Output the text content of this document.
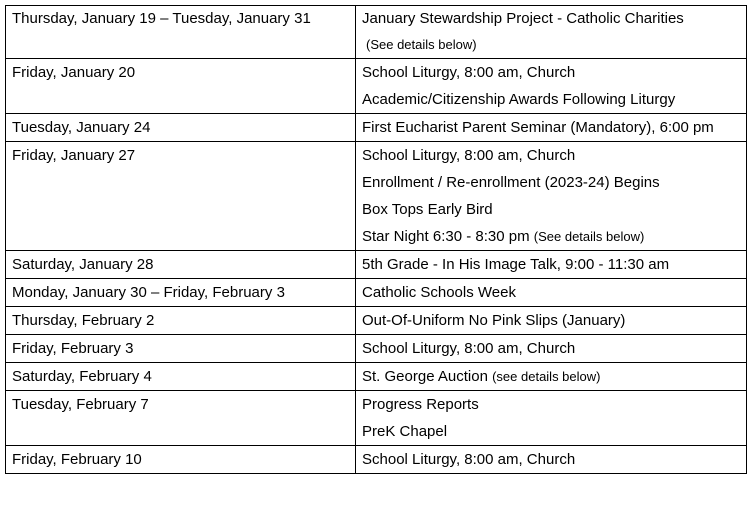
Thursday, January 19 – Tuesday, January 31	January Stewardship Project - Catholic Charities
(See details below)

Friday, January 20	School Liturgy, 8:00 am, Church
Academic/Citizenship Awards Following Liturgy

Tuesday, January 24	First Eucharist Parent Seminar (Mandatory), 6:00 pm

Friday, January 27	School Liturgy, 8:00 am, Church
Enrollment / Re-enrollment (2023-24) Begins
Box Tops Early Bird
Star Night 6:30 - 8:30 pm (See details below)

Saturday, January 28	5th Grade - In His Image Talk, 9:00 - 11:30 am

Monday, January 30 – Friday, February 3	Catholic Schools Week

Thursday, February 2	Out-Of-Uniform No Pink Slips (January)

Friday, February 3	School Liturgy, 8:00 am, Church

Saturday, February 4	St. George Auction (see details below)

Tuesday, February 7	Progress Reports
PreK Chapel

Friday, February 10	School Liturgy, 8:00 am, Church
